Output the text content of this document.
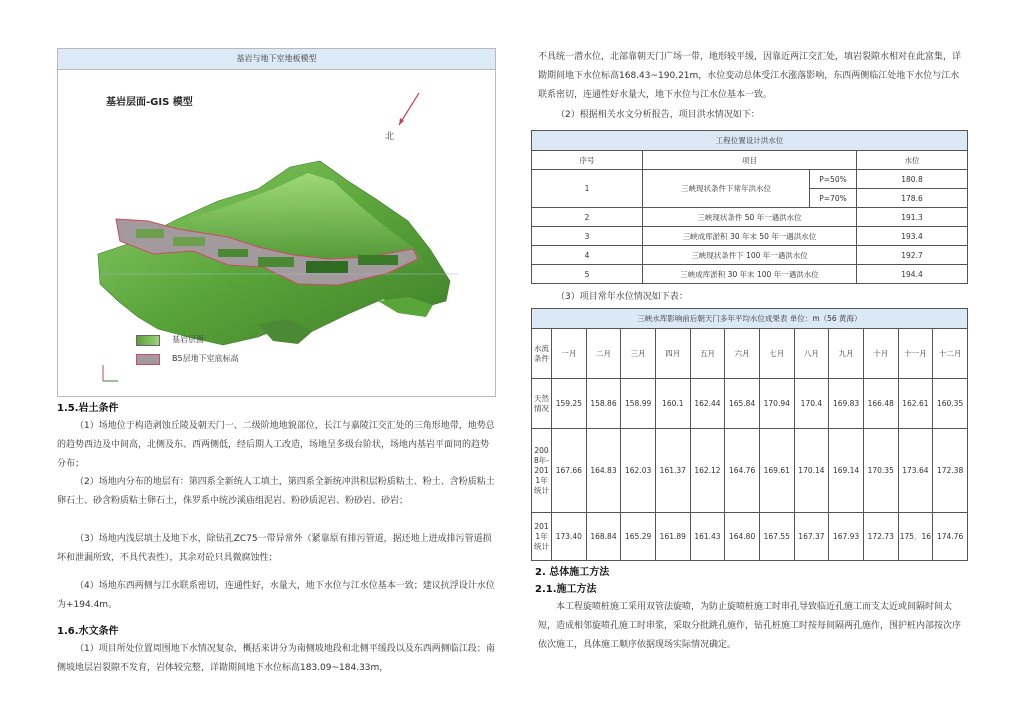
基岩与地下室地板模型
基岩层面-GIS 模型
北
基岩层面
B5层地下室底标高
1.5.岩土条件

（1）场地位于构造剥蚀丘陵及朝天门一、二级阶地地貌部位，长江与嘉陵江交汇处的三角形地带，地势总的趋势西边及中间高，北侧及东、西两侧低，经后期人工改造，场地呈多级台阶状，场地内基岩平面同的趋势分布；

（2）场地内分布的地层有：第四系全新统人工填土，第四系全新统冲洪积层粉质粘土、粉土、含粉质粘土卵石土、砂含粉质粘土卵石土，侏罗系中统沙溪庙组泥岩、粉砂质泥岩、粉砂岩、砂岩；

（3）场地内浅层填土及地下水，除钻孔ZC75一带异常外（紧靠原有排污管道，据还地上进成排污管道损坏和泄漏所致，不具代表性），其余对砼只具微腐蚀性；

（4）场地东西两侧与江水联系密切，连通性好，水量大，地下水位与江水位基本一致；建议抗浮设计水位为+194.4m。

1.6.水文条件

（1）项目所处位置周围地下水情况复杂，概括来讲分为南侧坡地段和北侧平缓段以及东西两侧临江段；南侧坡地层岩裂隙不发育，岩体较完整，详勘期间地下水位标高183.09~184.33m，

不具统一潜水位，北部靠朝天门广场一带，地形较平缓，因靠近两江交汇处，填岩裂隙水相对在此富集，详勘期间地下水位标高168.43~190.21m，水位变动总体受江水涨落影响，东西两侧临江处地下水位与江水联系密切，连通性好水量大，地下水位与江水位基本一致。

（2）根据相关水文分析报告，项目洪水情况如下：

工程位置设计洪水位			
序号	项目		水位
1	三峡现状条件下常年洪水位	P=50%	180.8
		P=70%	178.6
2	三峡现状条件 50 年一遇洪水位		191.3
3	三峡成库淤积 30 年末 50 年一遇洪水位		193.4
4	三峡现状条件下 100 年一遇洪水位		192.7
5	三峡成库淤积 30 年末 100 年一遇洪水位		194.4

（3）项目常年水位情况如下表：

三峡水库影响前后朝天门多年平均水位成果表 单位：m（56 黄海）												
水流条件	一月	二月	三月	四月	五月	六月	七月	八月	九月	十月	十一月	十二月
天然情况	159.25	158.86	158.99	160.1	162.44	165.84	170.94	170.4	169.83	166.48	162.61	160.35
2008年-2011年统计	167.66	164.83	162.03	161.37	162.12	164.76	169.61	170.14	169.14	170.35	173.64	172.38
2011年统计	173.40	168.84	165.29	161.89	161.43	164.80	167.55	167.37	167.93	172.73	175．16	174.76
2. 总体施工方法
2.1.施工方法

本工程旋喷桩施工采用双管法旋喷，为防止旋喷桩施工时串孔导致临近孔施工而支太近或间隔时间太短，造成相邻旋喷孔施工时串浆，采取分批跳孔施作，钻孔桩施工时按每间隔两孔施作，围护桩内部按次序依次施工，具体施工顺序依据现场实际情况确定。
